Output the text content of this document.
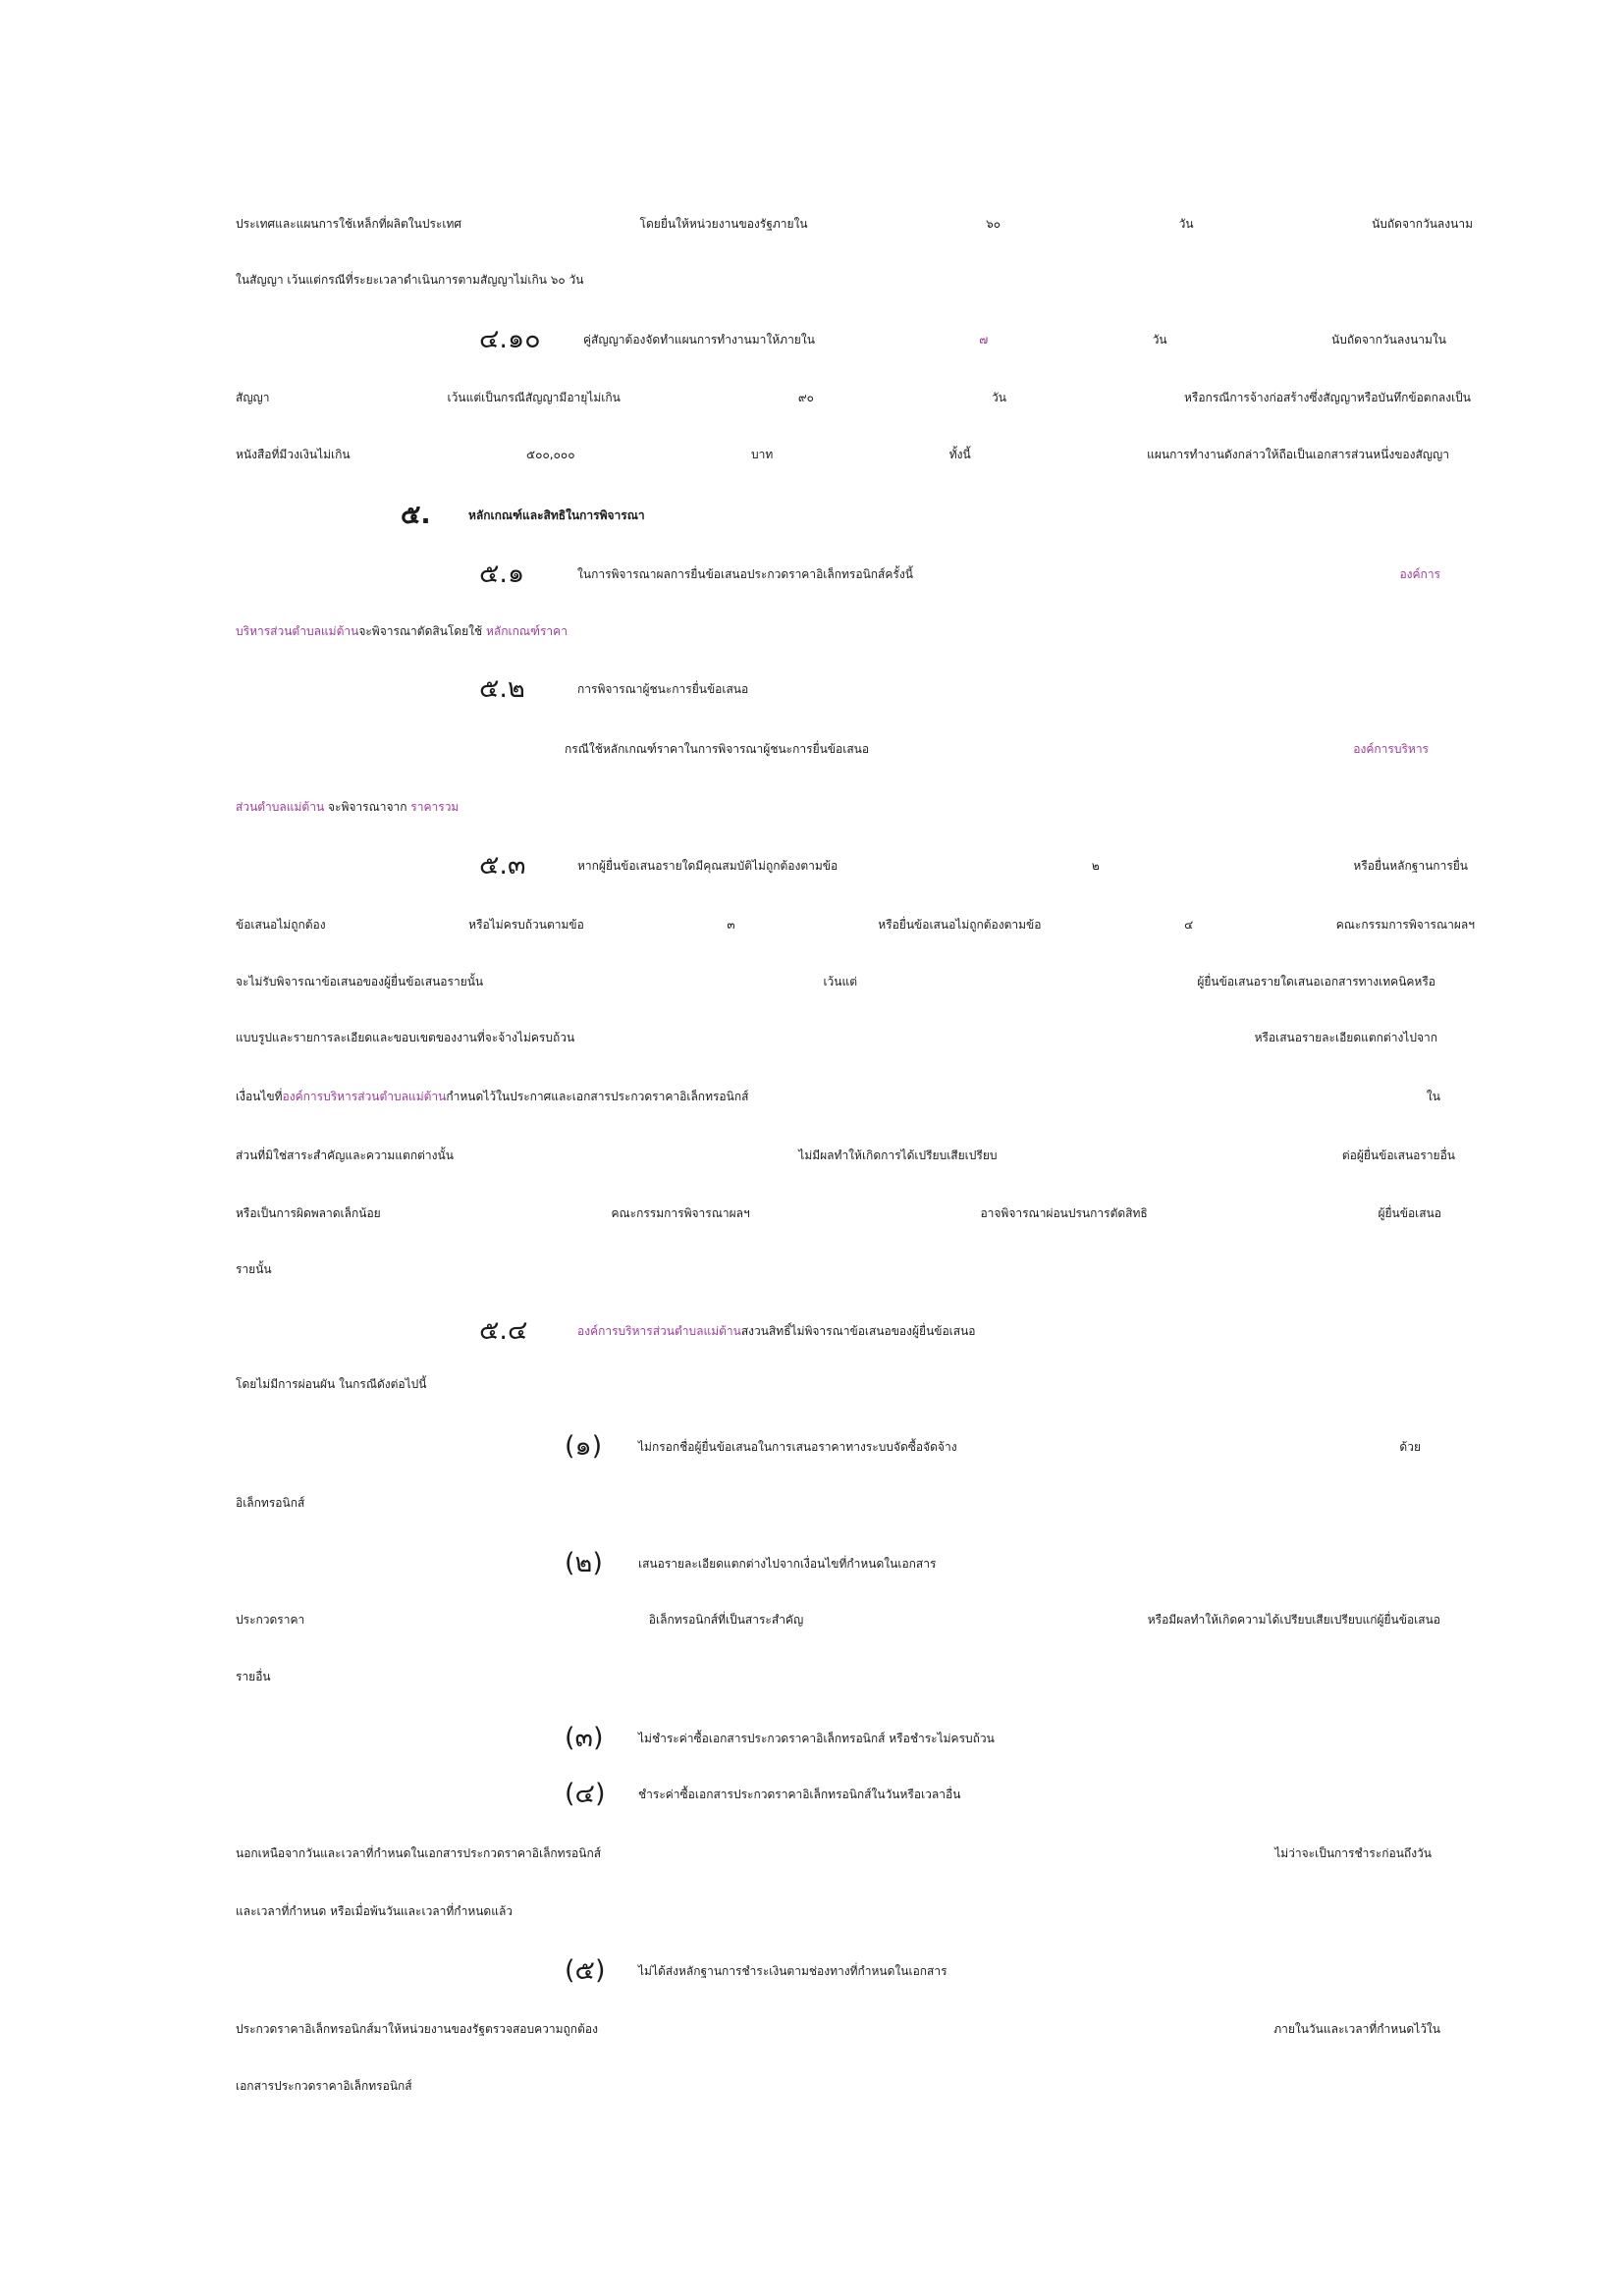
ประเทศและแผนการใช้เหล็กที่ผลิตในประเทศ โดยยื่นให้หน่วยงานของรัฐภายใน ๖๐ วัน นับถัดจากวันลงนาม
ในสัญญา เว้นแต่กรณีที่ระยะเวลาดำเนินการตามสัญญาไม่เกิน ๖๐ วัน
๔.๑๐	คู่สัญญาต้องจัดทำแผนการทำงานมาให้ภายใน ๗ วัน นับถัดจากวันลงนามใน
สัญญา เว้นแต่เป็นกรณีสัญญามีอายุไม่เกิน ๙๐ วัน หรือกรณีการจ้างก่อสร้างซึ่งสัญญาหรือบันทึกข้อตกลงเป็น
หนังสือที่มีวงเงินไม่เกิน ๕๐๐,๐๐๐ บาท ทั้งนี้ แผนการทำงานดังกล่าวให้ถือเป็นเอกสารส่วนหนึ่งของสัญญา
๕.	หลักเกณฑ์และสิทธิในการพิจารณา
๕.๑	ในการพิจารณาผลการยื่นข้อเสนอประกวดราคาอิเล็กทรอนิกส์ครั้งนี้ องค์การ
บริหารส่วนตำบลแม่ต้านจะพิจารณาตัดสินโดยใช้ หลักเกณฑ์ราคา
๕.๒	การพิจารณาผู้ชนะการยื่นข้อเสนอ
กรณีใช้หลักเกณฑ์ราคาในการพิจารณาผู้ชนะการยื่นข้อเสนอ องค์การบริหาร
ส่วนตำบลแม่ต้าน จะพิจารณาจาก ราคารวม
๕.๓	หากผู้ยื่นข้อเสนอรายใดมีคุณสมบัติไม่ถูกต้องตามข้อ ๒ หรือยื่นหลักฐานการยื่น
ข้อเสนอไม่ถูกต้อง หรือไม่ครบถ้วนตามข้อ ๓ หรือยื่นข้อเสนอไม่ถูกต้องตามข้อ ๔ คณะกรรมการพิจารณาผลฯ
จะไม่รับพิจารณาข้อเสนอของผู้ยื่นข้อเสนอรายนั้น เว้นแต่ ผู้ยื่นข้อเสนอรายใดเสนอเอกสารทางเทคนิคหรือ
แบบรูปและรายการละเอียดและขอบเขตของงานที่จะจ้างไม่ครบถ้วน หรือเสนอรายละเอียดแตกต่างไปจาก
เงื่อนไขที่องค์การบริหารส่วนตำบลแม่ต้านกำหนดไว้ในประกาศและเอกสารประกวดราคาอิเล็กทรอนิกส์ ใน
ส่วนที่มิใช่สาระสำคัญและความแตกต่างนั้น ไม่มีผลทำให้เกิดการได้เปรียบเสียเปรียบ ต่อผู้ยื่นข้อเสนอรายอื่น
หรือเป็นการผิดพลาดเล็กน้อย คณะกรรมการพิจารณาผลฯ อาจพิจารณาผ่อนปรนการตัดสิทธิ ผู้ยื่นข้อเสนอ
รายนั้น
๕.๔	องค์การบริหารส่วนตำบลแม่ต้านสงวนสิทธิ์ไม่พิจารณาข้อเสนอของผู้ยื่นข้อเสนอ
โดยไม่มีการผ่อนผัน ในกรณีดังต่อไปนี้
(๑)	ไม่กรอกชื่อผู้ยื่นข้อเสนอในการเสนอราคาทางระบบจัดซื้อจัดจ้าง ด้วย
อิเล็กทรอนิกส์
(๒)	เสนอรายละเอียดแตกต่างไปจากเงื่อนไขที่กำหนดในเอกสาร
ประกวดราคา อิเล็กทรอนิกส์ที่เป็นสาระสำคัญ หรือมีผลทำให้เกิดความได้เปรียบเสียเปรียบแก่ผู้ยื่นข้อเสนอ
รายอื่น
(๓)	ไม่ชำระค่าซื้อเอกสารประกวดราคาอิเล็กทรอนิกส์ หรือชำระไม่ครบถ้วน
(๔)	ชำระค่าซื้อเอกสารประกวดราคาอิเล็กทรอนิกส์ในวันหรือเวลาอื่น
นอกเหนือจากวันและเวลาที่กำหนดในเอกสารประกวดราคาอิเล็กทรอนิกส์ ไม่ว่าจะเป็นการชำระก่อนถึงวัน
และเวลาที่กำหนด หรือเมื่อพ้นวันและเวลาที่กำหนดแล้ว
(๕)	ไม่ได้ส่งหลักฐานการชำระเงินตามช่องทางที่กำหนดในเอกสาร
ประกวดราคาอิเล็กทรอนิกส์มาให้หน่วยงานของรัฐตรวจสอบความถูกต้อง ภายในวันและเวลาที่กำหนดไว้ใน
เอกสารประกวดราคาอิเล็กทรอนิกส์
